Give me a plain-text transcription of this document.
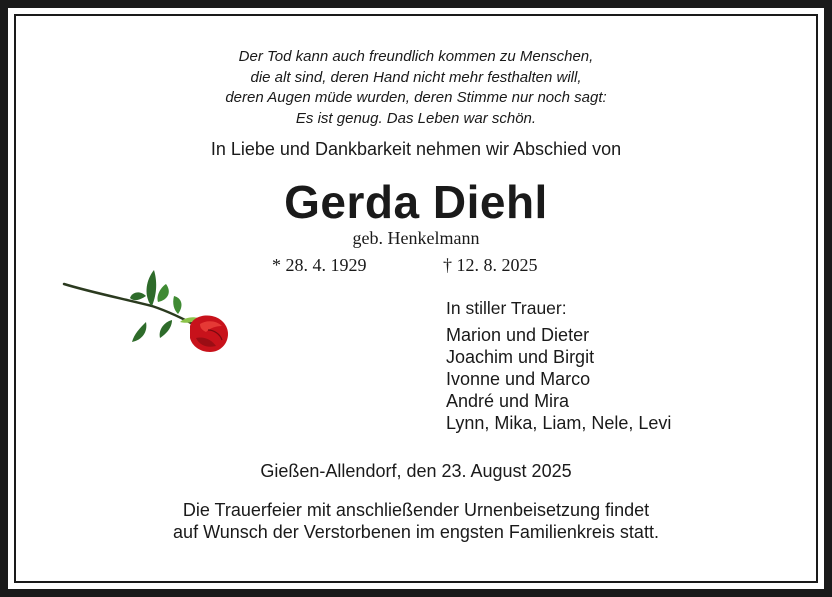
Der Tod kann auch freundlich kommen zu Menschen,
die alt sind, deren Hand nicht mehr festhalten will,
deren Augen müde wurden, deren Stimme nur noch sagt:
Es ist genug. Das Leben war schön.
In Liebe und Dankbarkeit nehmen wir Abschied von
Gerda Diehl
geb. Henkelmann
* 28. 4. 1929	† 12. 8. 2025
In stiller Trauer:
Marion und Dieter
Joachim und Birgit
Ivonne und Marco
André und Mira
Lynn, Mika, Liam, Nele, Levi
Gießen-Allendorf, den 23. August 2025
Die Trauerfeier mit anschließender Urnenbeisetzung findet
auf Wunsch der Verstorbenen im engsten Familienkreis statt.
